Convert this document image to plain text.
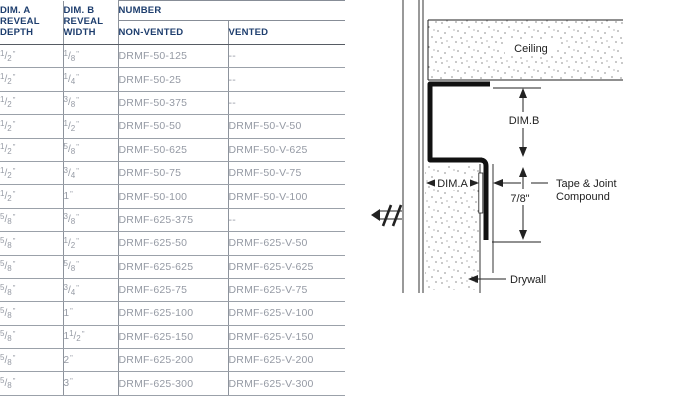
DIM. A
REVEAL
DEPTH	DIM. B
REVEAL
WIDTH	NUMBER	
		NON-VENTED	VENTED
$^1/_2$ "	$^1/_8$ "	DRMF-50-125	--
$^1/_2$ "	$^1/_4$ "	DRMF-50-25	--
$^1/_2$ "	$^3/_8$ "	DRMF-50-375	--
$^1/_2$ "	$^1/_2$ "	DRMF-50-50	DRMF-50-V-50
$^1/_2$ "	$^5/_8$ "	DRMF-50-625	DRMF-50-V-625
$^1/_2$ "	$^3/_4$ "	DRMF-50-75	DRMF-50-V-75
$^1/_2$ "	1 "	DRMF-50-100	DRMF-50-V-100
$^5/_8$ "	$^3/_8$ "	DRMF-625-375	--
$^5/_8$ "	$^1/_2$ "	DRMF-625-50	DRMF-625-V-50
$^5/_8$ "	$^5/_8$ "	DRMF-625-625	DRMF-625-V-625
$^5/_8$ "	$^3/_4$ "	DRMF-625-75	DRMF-625-V-75
$^5/_8$ "	1 "	DRMF-625-100	DRMF-625-V-100
$^5/_8$ "	$1^1/_2$ "	DRMF-625-150	DRMF-625-V-150
$^5/_8$ "	2 "	DRMF-625-200	DRMF-625-V-200
$^5/_8$ "	3 "	DRMF-625-300	DRMF-625-V-300
Ceiling
DIM.B
7/8"
DIM.A	Tape & Joint
Compound
Drywall
